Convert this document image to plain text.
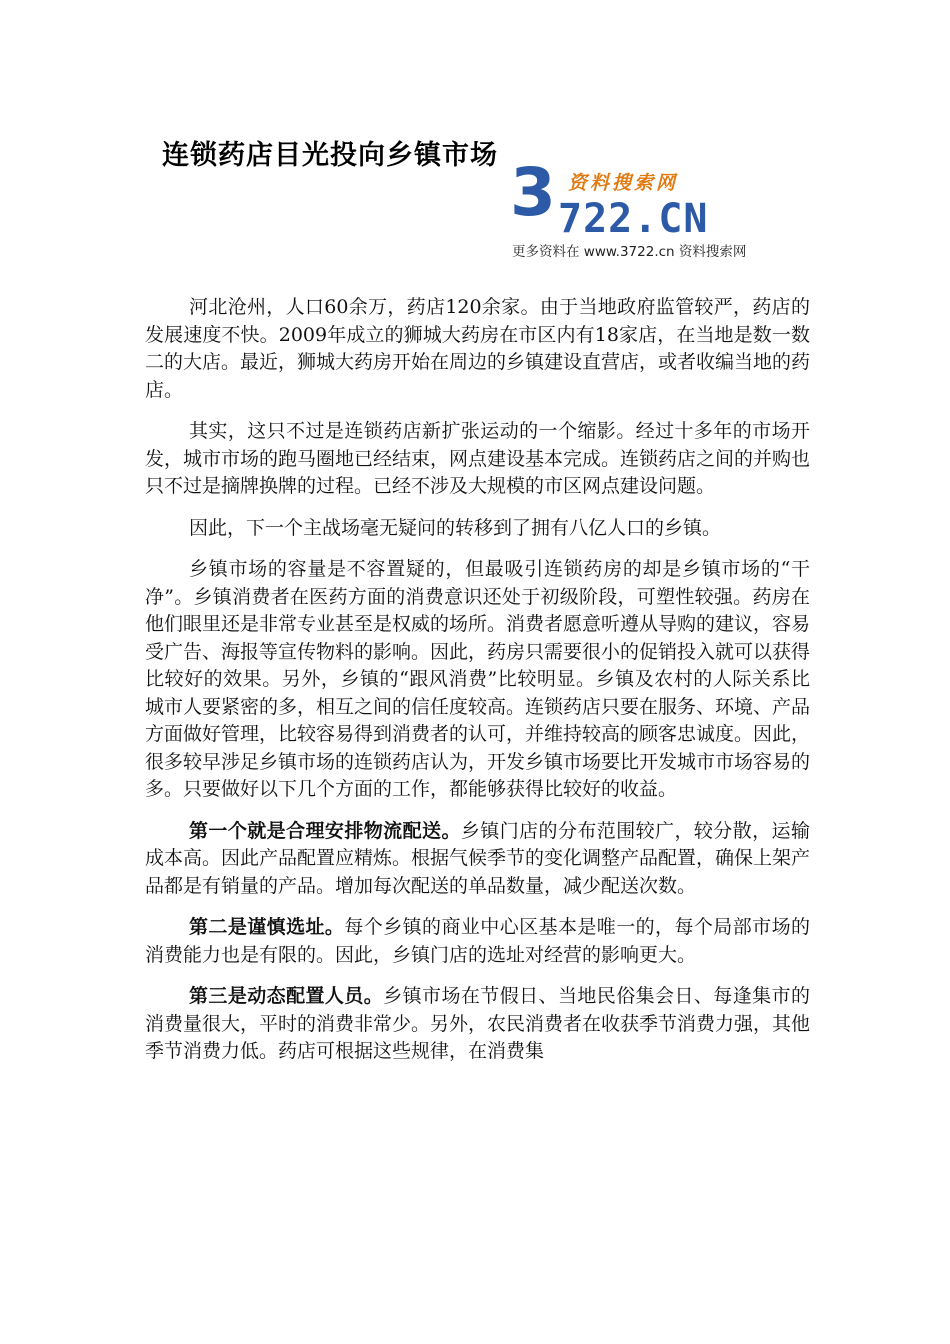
连锁药店目光投向乡镇市场 3 资料搜索网
722.CN
更多资料在 www.3722.cn 资料搜索网

河北沧州，人口60余万，药店120余家。由于当地政府监管较严，药店的发展速度不快。2009年成立的狮城大药房在市区内有18家店，在当地是数一数二的大店。最近，狮城大药房开始在周边的乡镇建设直营店，或者收编当地的药店。

其实，这只不过是连锁药店新扩张运动的一个缩影。经过十多年的市场开发，城市市场的跑马圈地已经结束，网点建设基本完成。连锁药店之间的并购也只不过是摘牌换牌的过程。已经不涉及大规模的市区网点建设问题。

因此，下一个主战场毫无疑问的转移到了拥有八亿人口的乡镇。

乡镇市场的容量是不容置疑的，但最吸引连锁药房的却是乡镇市场的“干净”。乡镇消费者在医药方面的消费意识还处于初级阶段，可塑性较强。药房在他们眼里还是非常专业甚至是权威的场所。消费者愿意听遵从导购的建议，容易受广告、海报等宣传物料的影响。因此，药房只需要很小的促销投入就可以获得比较好的效果。另外，乡镇的“跟风消费”比较明显。乡镇及农村的人际关系比城市人要紧密的多，相互之间的信任度较高。连锁药店只要在服务、环境、产品方面做好管理，比较容易得到消费者的认可，并维持较高的顾客忠诚度。因此，很多较早涉足乡镇市场的连锁药店认为，开发乡镇市场要比开发城市市场容易的多。只要做好以下几个方面的工作，都能够获得比较好的收益。

第一个就是合理安排物流配送。乡镇门店的分布范围较广，较分散，运输成本高。因此产品配置应精炼。根据气候季节的变化调整产品配置，确保上架产品都是有销量的产品。增加每次配送的单品数量，减少配送次数。

第二是谨慎选址。每个乡镇的商业中心区基本是唯一的，每个局部市场的消费能力也是有限的。因此，乡镇门店的选址对经营的影响更大。

第三是动态配置人员。乡镇市场在节假日、当地民俗集会日、每逢集市的消费量很大，平时的消费非常少。另外，农民消费者在收获季节消费力强，其他季节消费力低。药店可根据这些规律，在消费集
